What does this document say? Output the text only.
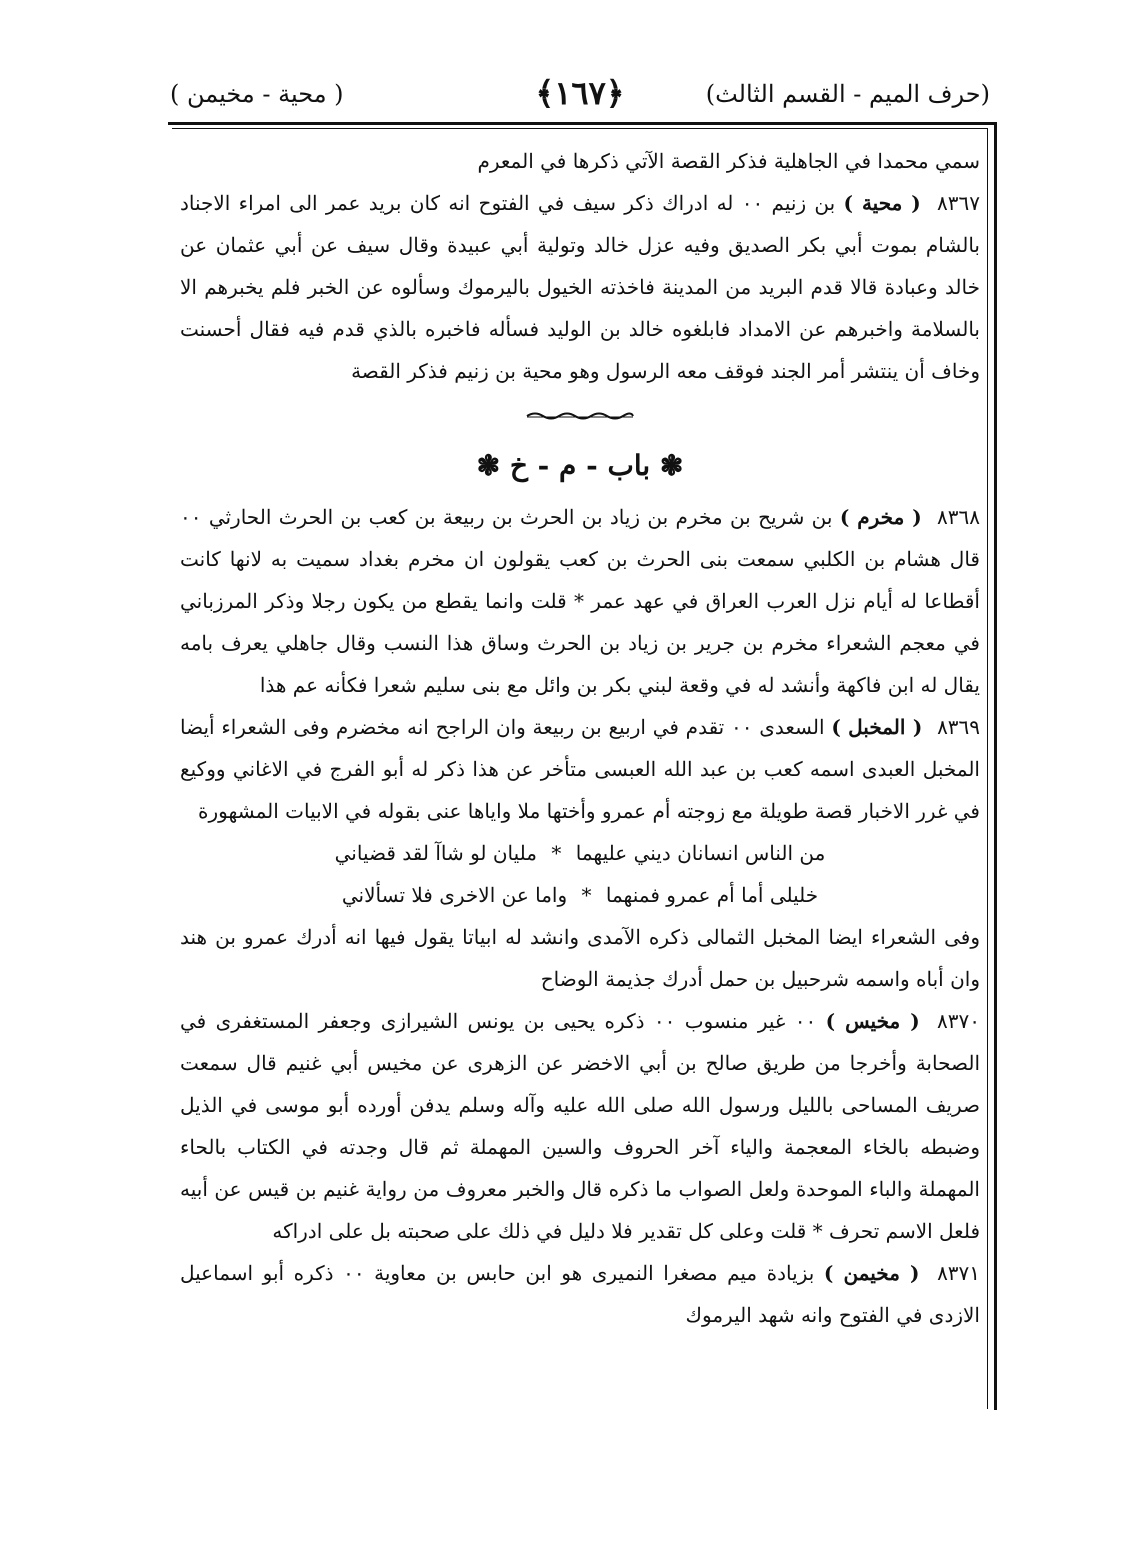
(حرف الميم - القسم الثالث)
﴿١٦٧﴾
( محية - مخيمن )

سمي محمدا في الجاهلية فذكر القصة الآتي ذكرها في المعرم

٨٣٦٧ ( محية ) بن زنيم ٠٠ له ادراك ذكر سيف في الفتوح انه كان بريد عمر الى امراء الاجناد بالشام بموت أبي بكر الصديق وفيه عزل خالد وتولية أبي عبيدة وقال سيف عن أبي عثمان عن خالد وعبادة قالا قدم البريد من المدينة فاخذته الخيول باليرموك وسألوه عن الخبر فلم يخبرهم الا بالسلامة واخبرهم عن الامداد فابلغوه خالد بن الوليد فسأله فاخبره بالذي قدم فيه فقال أحسنت وخاف أن ينتشر أمر الجند فوقف معه الرسول وهو محية بن زنيم فذكر القصة

❃ باب - م - خ ❃

٨٣٦٨ ( مخرم ) بن شريح بن مخرم بن زياد بن الحرث بن ربيعة بن كعب بن الحرث الحارثي ٠٠ قال هشام بن الكلبي سمعت بنى الحرث بن كعب يقولون ان مخرم بغداد سميت به لانها كانت أقطاعا له أيام نزل العرب العراق في عهد عمر * قلت وانما يقطع من يكون رجلا وذكر المرزباني في معجم الشعراء مخرم بن جرير بن زياد بن الحرث وساق هذا النسب وقال جاهلي يعرف بامه يقال له ابن فاكهة وأنشد له في وقعة لبني بكر بن وائل مع بنى سليم شعرا فكأنه عم هذا

٨٣٦٩ ( المخبل ) السعدى ٠٠ تقدم في اربيع بن ربيعة وان الراجح انه مخضرم وفى الشعراء أيضا المخبل العبدى اسمه كعب بن عبد الله العبسى متأخر عن هذا ذكر له أبو الفرج في الاغاني ووكيع في غرر الاخبار قصة طويلة مع زوجته أم عمرو وأختها ملا واياها عنى بقوله في الابيات المشهورة

من الناس انسانان ديني عليهما * مليان لو شاآ لقد قضياني
خليلى أما أم عمرو فمنهما * واما عن الاخرى فلا تسألاني

وفى الشعراء ايضا المخبل الثمالى ذكره الآمدى وانشد له ابياتا يقول فيها انه أدرك عمرو بن هند وان أباه واسمه شرحبيل بن حمل أدرك جذيمة الوضاح

٨٣٧٠ ( مخيس ) ٠٠ غير منسوب ٠٠ ذكره يحيى بن يونس الشيرازى وجعفر المستغفرى في الصحابة وأخرجا من طريق صالح بن أبي الاخضر عن الزهرى عن مخيس أبي غنيم قال سمعت صريف المساحى بالليل ورسول الله صلى الله عليه وآله وسلم يدفن أورده أبو موسى في الذيل وضبطه بالخاء المعجمة والياء آخر الحروف والسين المهملة ثم قال وجدته في الكتاب بالحاء المهملة والباء الموحدة ولعل الصواب ما ذكره قال والخبر معروف من رواية غنيم بن قيس عن أبيه فلعل الاسم تحرف * قلت وعلى كل تقدير فلا دليل في ذلك على صحبته بل على ادراكه

٨٣٧١ ( مخيمن ) بزيادة ميم مصغرا النميرى هو ابن حابس بن معاوية ٠٠ ذكره أبو اسماعيل الازدى في الفتوح وانه شهد اليرموك
